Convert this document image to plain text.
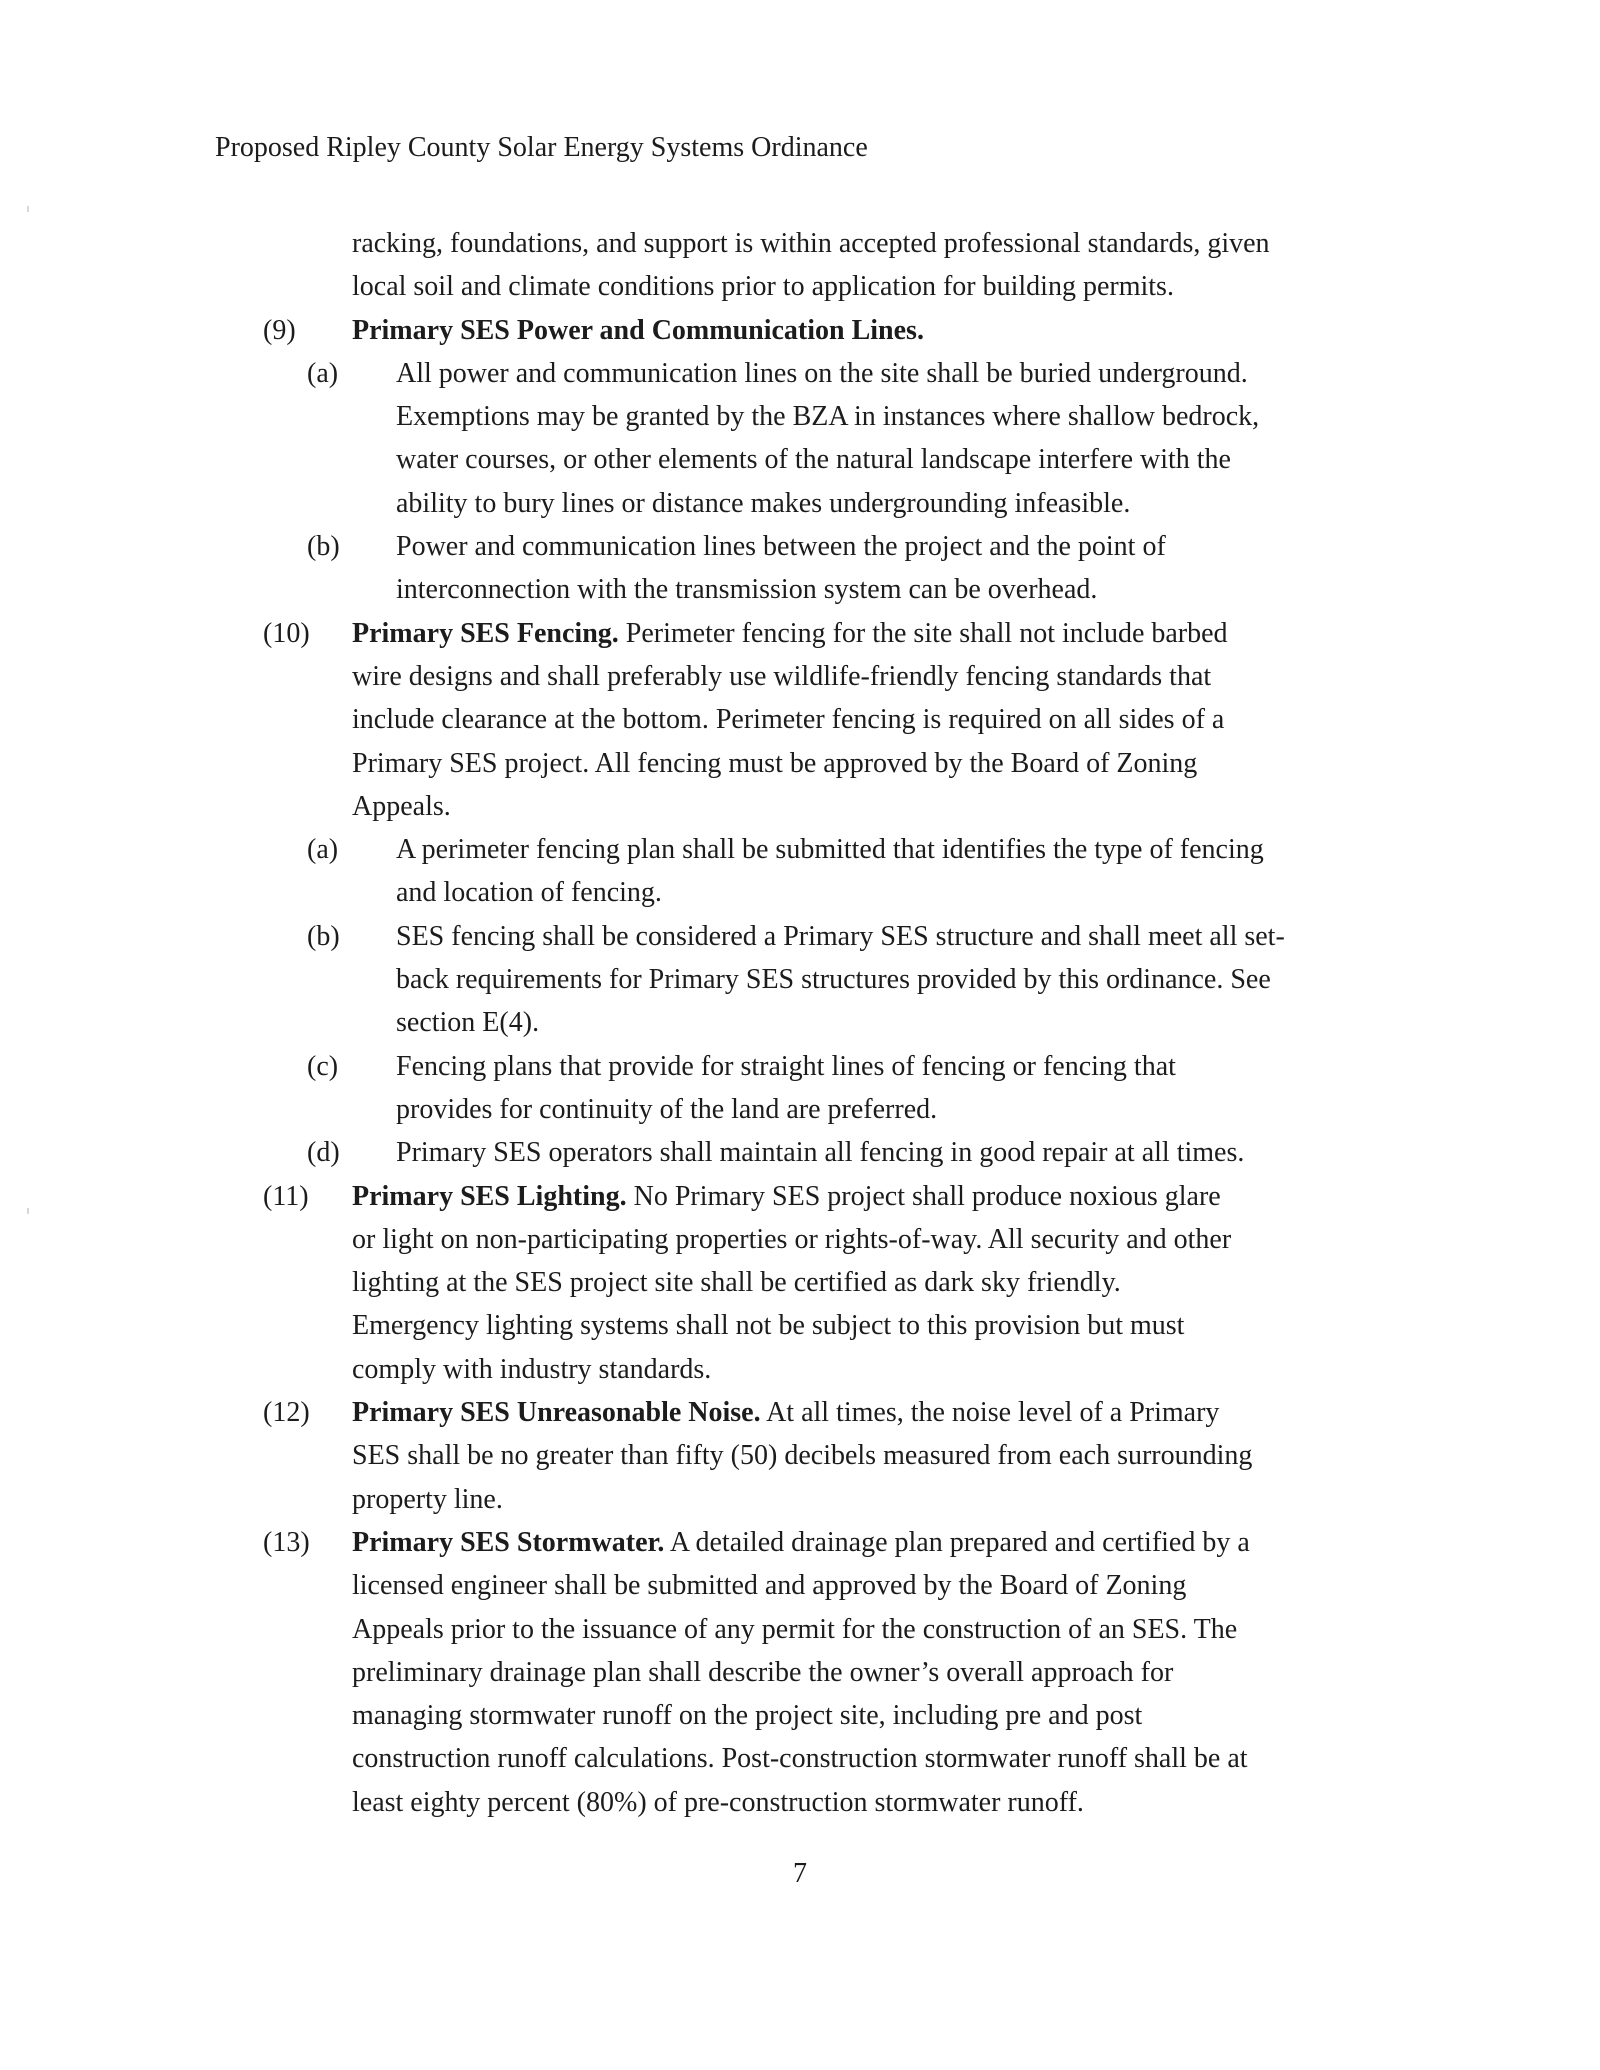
Proposed Ripley County Solar Energy Systems Ordinance
racking, foundations, and support is within accepted professional standards, given
local soil and climate conditions prior to application for building permits.
(9) Primary SES Power and Communication Lines.
(a) All power and communication lines on the site shall be buried underground.
Exemptions may be granted by the BZA in instances where shallow bedrock,
water courses, or other elements of the natural landscape interfere with the
ability to bury lines or distance makes undergrounding infeasible.
(b) Power and communication lines between the project and the point of
interconnection with the transmission system can be overhead.
(10) Primary SES Fencing. Perimeter fencing for the site shall not include barbed
wire designs and shall preferably use wildlife-friendly fencing standards that
include clearance at the bottom. Perimeter fencing is required on all sides of a
Primary SES project. All fencing must be approved by the Board of Zoning
Appeals.
(a) A perimeter fencing plan shall be submitted that identifies the type of fencing
and location of fencing.
(b) SES fencing shall be considered a Primary SES structure and shall meet all set-
back requirements for Primary SES structures provided by this ordinance. See
section E(4).
(c) Fencing plans that provide for straight lines of fencing or fencing that
provides for continuity of the land are preferred.
(d) Primary SES operators shall maintain all fencing in good repair at all times.
(11) Primary SES Lighting. No Primary SES project shall produce noxious glare
or light on non-participating properties or rights-of-way. All security and other
lighting at the SES project site shall be certified as dark sky friendly.
Emergency lighting systems shall not be subject to this provision but must
comply with industry standards.
(12) Primary SES Unreasonable Noise. At all times, the noise level of a Primary
SES shall be no greater than fifty (50) decibels measured from each surrounding
property line.
(13) Primary SES Stormwater. A detailed drainage plan prepared and certified by a
licensed engineer shall be submitted and approved by the Board of Zoning
Appeals prior to the issuance of any permit for the construction of an SES. The
preliminary drainage plan shall describe the owner’s overall approach for
managing stormwater runoff on the project site, including pre and post
construction runoff calculations. Post-construction stormwater runoff shall be at
least eighty percent (80%) of pre-construction stormwater runoff.
7
